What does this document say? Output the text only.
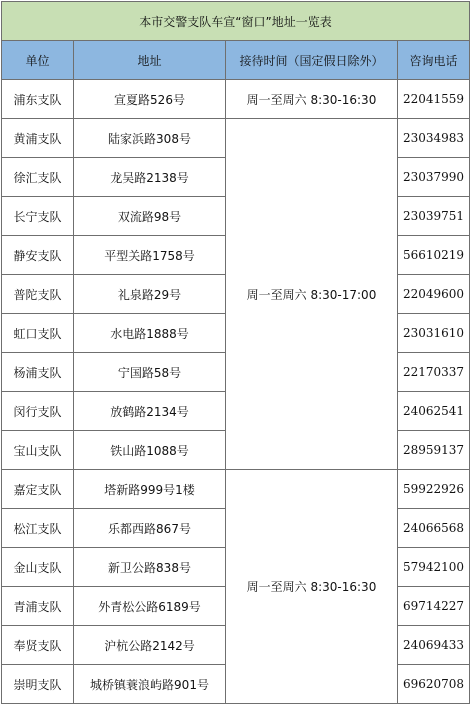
本市交警支队车宣“窗口”地址一览表			
单位	地址	接待时间（国定假日除外）	咨询电话
浦东支队	宣夏路526号	周一至周六 8:30-16:30	22041559
黄浦支队	陆家浜路308号	周一至周六 8:30-17:00	23034983
徐汇支队	龙吴路2138号		23037990
长宁支队	双流路98号		23039751
静安支队	平型关路1758号		56610219
普陀支队	礼泉路29号		22049600
虹口支队	水电路1888号		23031610
杨浦支队	宁国路58号		22170337
闵行支队	放鹤路2134号		24062541
宝山支队	铁山路1088号		28959137
嘉定支队	塔新路999号1楼	周一至周六 8:30-16:30	59922926
松江支队	乐都西路867号		24066568
金山支队	新卫公路838号		57942100
青浦支队	外青松公路6189号		69714227
奉贤支队	沪杭公路2142号		24069433
崇明支队	城桥镇蓑浪屿路901号		69620708
